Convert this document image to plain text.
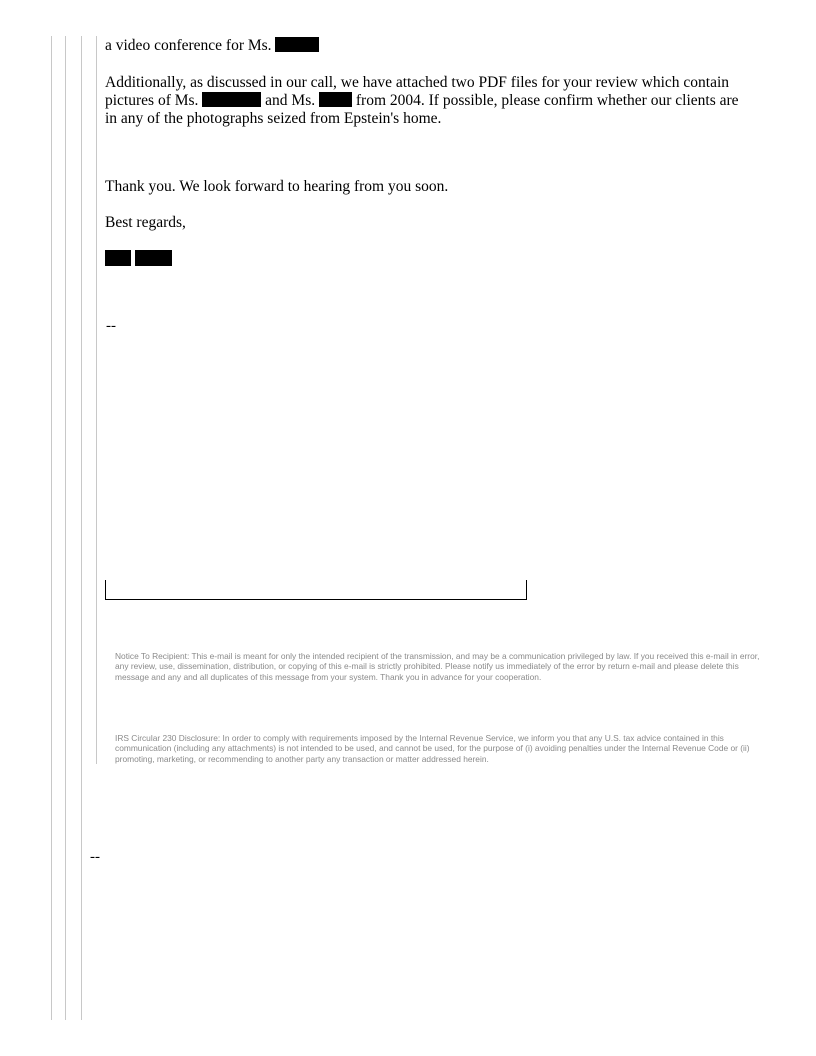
a video conference for Ms.

Additionally, as discussed in our call, we have attached two PDF files for your review which contain

pictures of Ms.	and Ms.	from 2004. If possible, please confirm whether our clients are

in any of the photographs seized from Epstein's home.

Thank you. We look forward to hearing from you soon.

Best regards,

--

Notice To Recipient: This e-mail is meant for only the intended recipient of the transmission, and may be a communication privileged by law. If you received this e-mail in error, any review, use, dissemination, distribution, or copying of this e-mail is strictly prohibited. Please notify us immediately of the error by return e-mail and please delete this message and any and all duplicates of this message from your system. Thank you in advance for your cooperation.

IRS Circular 230 Disclosure: In order to comply with requirements imposed by the Internal Revenue Service, we inform you that any U.S. tax advice contained in this communication (including any attachments) is not intended to be used, and cannot be used, for the purpose of (i) avoiding penalties under the Internal Revenue Code or (ii) promoting, marketing, or recommending to another party any transaction or matter addressed herein.

--
